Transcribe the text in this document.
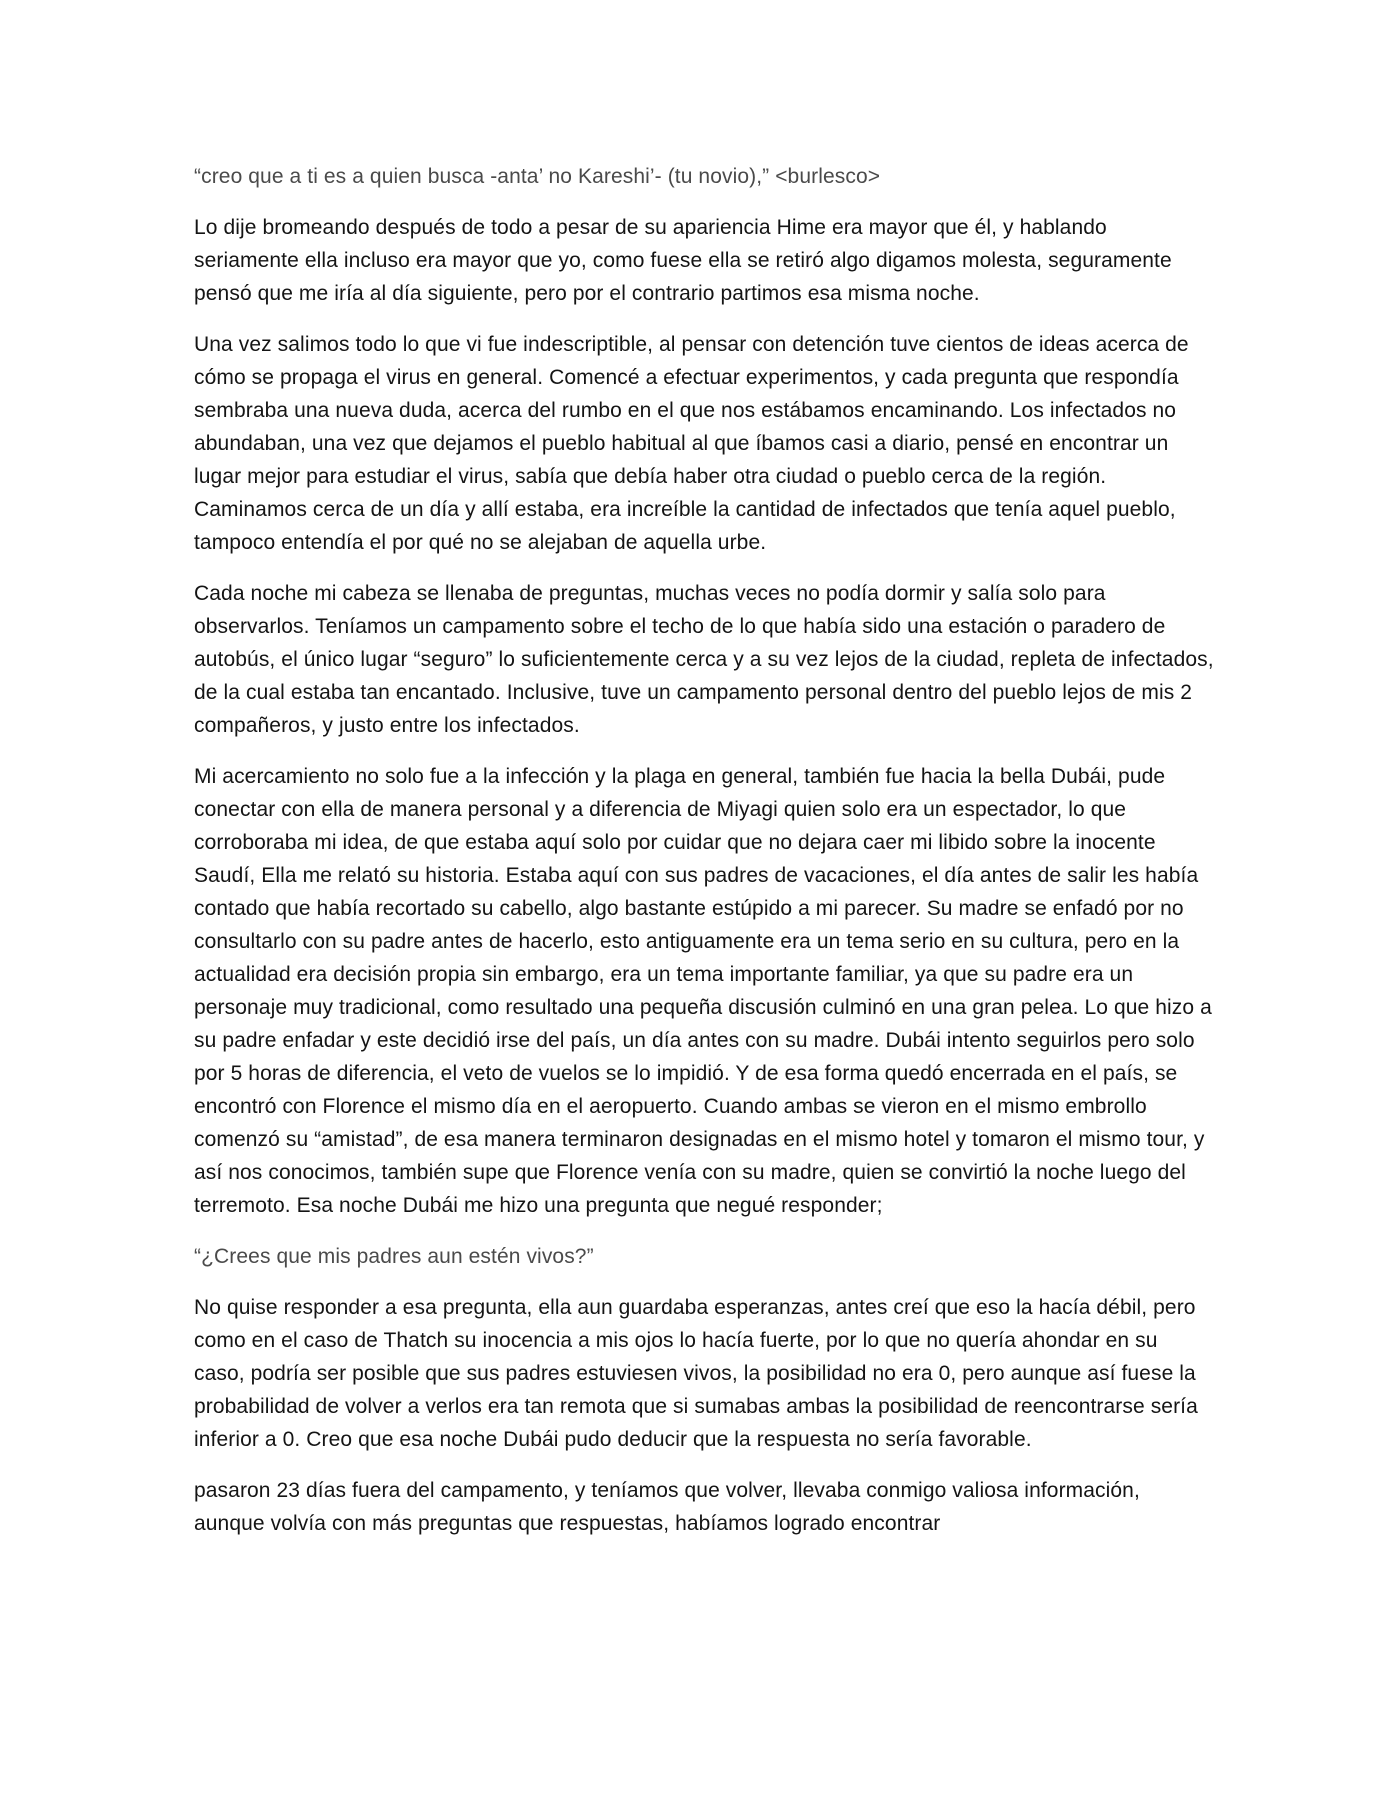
“creo que a ti es a quien busca -anta’ no Kareshi’- (tu novio),” <burlesco>

Lo dije bromeando después de todo a pesar de su apariencia Hime era mayor que él, y hablando seriamente ella incluso era mayor que yo, como fuese ella se retiró algo digamos molesta, seguramente pensó que me iría al día siguiente, pero por el contrario partimos esa misma noche.

Una vez salimos todo lo que vi fue indescriptible, al pensar con detención tuve cientos de ideas acerca de cómo se propaga el virus en general. Comencé a efectuar experimentos, y cada pregunta que respondía sembraba una nueva duda, acerca del rumbo en el que nos estábamos encaminando. Los infectados no abundaban, una vez que dejamos el pueblo habitual al que íbamos casi a diario, pensé en encontrar un lugar mejor para estudiar el virus, sabía que debía haber otra ciudad o pueblo cerca de la región. Caminamos cerca de un día y allí estaba, era increíble la cantidad de infectados que tenía aquel pueblo, tampoco entendía el por qué no se alejaban de aquella urbe.

Cada noche mi cabeza se llenaba de preguntas, muchas veces no podía dormir y salía solo para observarlos. Teníamos un campamento sobre el techo de lo que había sido una estación o paradero de autobús, el único lugar “seguro” lo suficientemente cerca y a su vez lejos de la ciudad, repleta de infectados, de la cual estaba tan encantado. Inclusive, tuve un campamento personal dentro del pueblo lejos de mis 2 compañeros, y justo entre los infectados.

Mi acercamiento no solo fue a la infección y la plaga en general, también fue hacia la bella Dubái, pude conectar con ella de manera personal y a diferencia de Miyagi quien solo era un espectador, lo que corroboraba mi idea, de que estaba aquí solo por cuidar que no dejara caer mi libido sobre la inocente Saudí, Ella me relató su historia. Estaba aquí con sus padres de vacaciones, el día antes de salir les había contado que había recortado su cabello, algo bastante estúpido a mi parecer. Su madre se enfadó por no consultarlo con su padre antes de hacerlo, esto antiguamente era un tema serio en su cultura, pero en la actualidad era decisión propia sin embargo, era un tema importante familiar, ya que su padre era un personaje muy tradicional, como resultado una pequeña discusión culminó en una gran pelea. Lo que hizo a su padre enfadar y este decidió irse del país, un día antes con su madre. Dubái intento seguirlos pero solo por 5 horas de diferencia, el veto de vuelos se lo impidió. Y de esa forma quedó encerrada en el país, se encontró con Florence el mismo día en el aeropuerto. Cuando ambas se vieron en el mismo embrollo comenzó su “amistad”, de esa manera terminaron designadas en el mismo hotel y tomaron el mismo tour, y así nos conocimos, también supe que Florence venía con su madre, quien se convirtió la noche luego del terremoto. Esa noche Dubái me hizo una pregunta que negué responder;

“¿Crees que mis padres aun estén vivos?”

No quise responder a esa pregunta, ella aun guardaba esperanzas, antes creí que eso la hacía débil, pero como en el caso de Thatch su inocencia a mis ojos lo hacía fuerte, por lo que no quería ahondar en su caso, podría ser posible que sus padres estuviesen vivos, la posibilidad no era 0, pero aunque así fuese la probabilidad de volver a verlos era tan remota que si sumabas ambas la posibilidad de reencontrarse sería inferior a 0. Creo que esa noche Dubái pudo deducir que la respuesta no sería favorable.

pasaron 23 días fuera del campamento, y teníamos que volver, llevaba conmigo valiosa información, aunque volvía con más preguntas que respuestas, habíamos logrado encontrar
